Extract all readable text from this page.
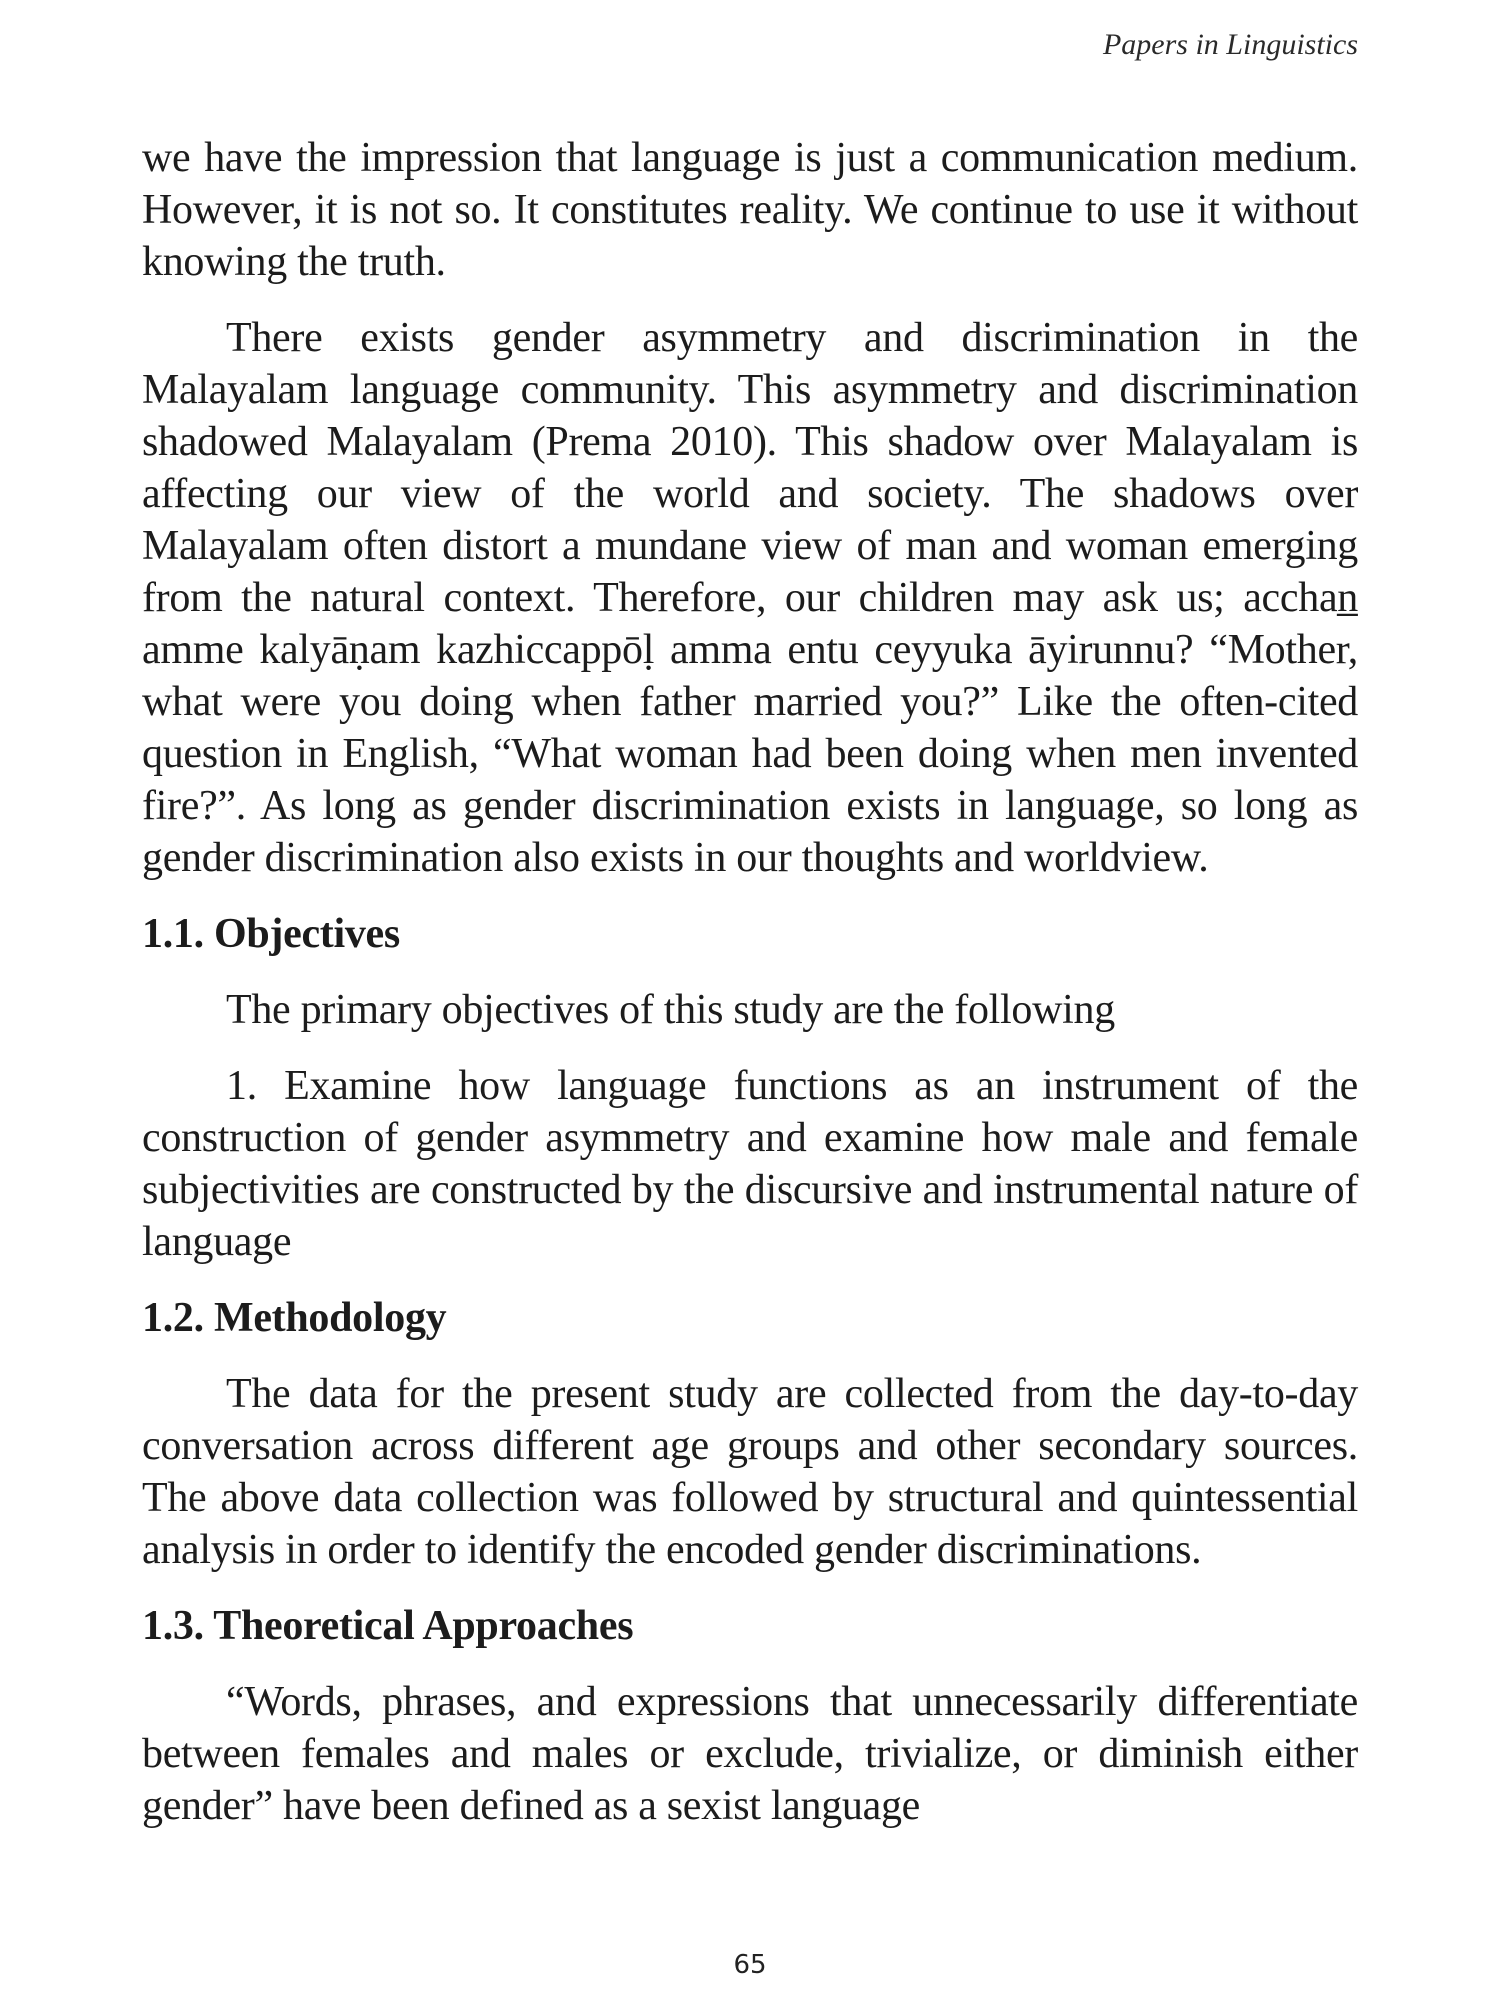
Papers in Linguistics

we have the impression that language is just a communication medium. However, it is not so. It constitutes reality. We continue to use it without knowing the truth.

There exists gender asymmetry and discrimination in the Malayalam language community. This asymmetry and discrimination shadowed Malayalam (Prema 2010). This shadow over Malayalam is affecting our view of the world and society. The shadows over Malayalam often distort a mundane view of man and woman emerging from the natural context. Therefore, our children may ask us; acchan̲ amme kalyāṇam kazhiccappōḷ amma entu ceyyuka āyirunnu? “Mother, what were you doing when father married you?” Like the often-cited question in English, “What woman had been doing when men invented fire?”. As long as gender discrimination exists in language, so long as gender discrimination also exists in our thoughts and worldview.

1.1. Objectives

The primary objectives of this study are the following

1. Examine how language functions as an instrument of the construction of gender asymmetry and examine how male and female subjectivities are constructed by the discursive and instrumental nature of language

1.2. Methodology

The data for the present study are collected from the day-to-day conversation across different age groups and other secondary sources. The above data collection was followed by structural and quintessential analysis in order to identify the encoded gender discriminations.

1.3. Theoretical Approaches

“Words, phrases, and expressions that unnecessarily differentiate between females and males or exclude, trivialize, or diminish either gender” have been defined as a sexist language

65
